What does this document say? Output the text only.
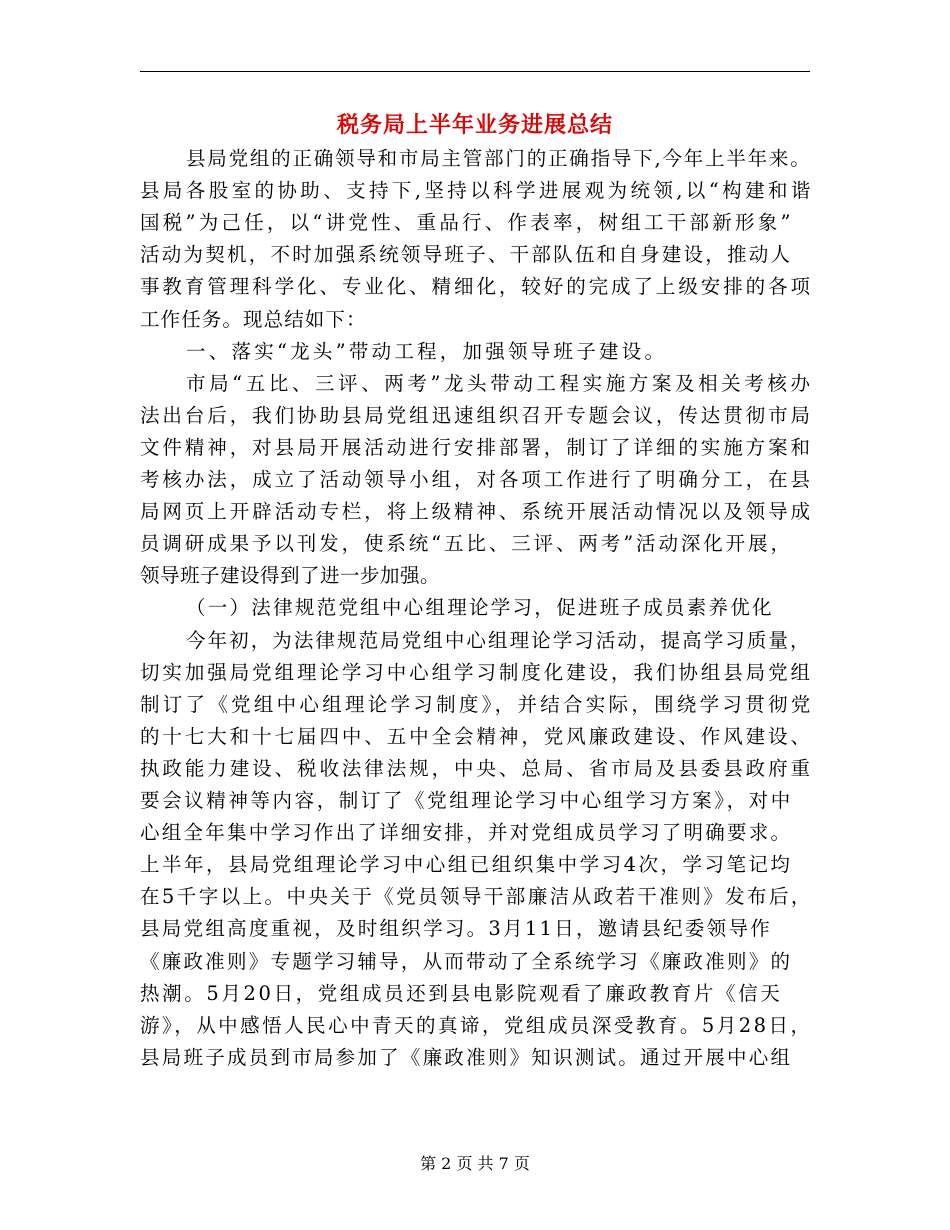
税务局上半年业务进展总结
县局党组的正确领导和市局主管部门的正确指导下,今年上半年来。
县局各股室的协助、支持下,坚持以科学进展观为统领,以“构建和谐
国税”为己任，以“讲党性、重品行、作表率，树组工干部新形象”
活动为契机，不时加强系统领导班子、干部队伍和自身建设，推动人
事教育管理科学化、专业化、精细化，较好的完成了上级安排的各项
工作任务。现总结如下：
一、落实“龙头”带动工程，加强领导班子建设。
市局“五比、三评、两考”龙头带动工程实施方案及相关考核办
法出台后，我们协助县局党组迅速组织召开专题会议，传达贯彻市局
文件精神，对县局开展活动进行安排部署，制订了详细的实施方案和
考核办法，成立了活动领导小组，对各项工作进行了明确分工，在县
局网页上开辟活动专栏，将上级精神、系统开展活动情况以及领导成
员调研成果予以刊发，使系统“五比、三评、两考”活动深化开展，
领导班子建设得到了进一步加强。
（一）法律规范党组中心组理论学习，促进班子成员素养优化
今年初，为法律规范局党组中心组理论学习活动，提高学习质量，
切实加强局党组理论学习中心组学习制度化建设，我们协组县局党组
制订了《党组中心组理论学习制度》，并结合实际，围绕学习贯彻党
的十七大和十七届四中、五中全会精神，党风廉政建设、作风建设、
执政能力建设、税收法律法规，中央、总局、省市局及县委县政府重
要会议精神等内容，制订了《党组理论学习中心组学习方案》，对中
心组全年集中学习作出了详细安排，并对党组成员学习了明确要求。
上半年，县局党组理论学习中心组已组织集中学习4次，学习笔记均
在5千字以上。中央关于《党员领导干部廉洁从政若干准则》发布后，
县局党组高度重视，及时组织学习。3月11日，邀请县纪委领导作
《廉政准则》专题学习辅导，从而带动了全系统学习《廉政准则》的
热潮。5月20日，党组成员还到县电影院观看了廉政教育片《信天
游》，从中感悟人民心中青天的真谛，党组成员深受教育。5月28日，
县局班子成员到市局参加了《廉政准则》知识测试。通过开展中心组
第 2 页 共 7 页
